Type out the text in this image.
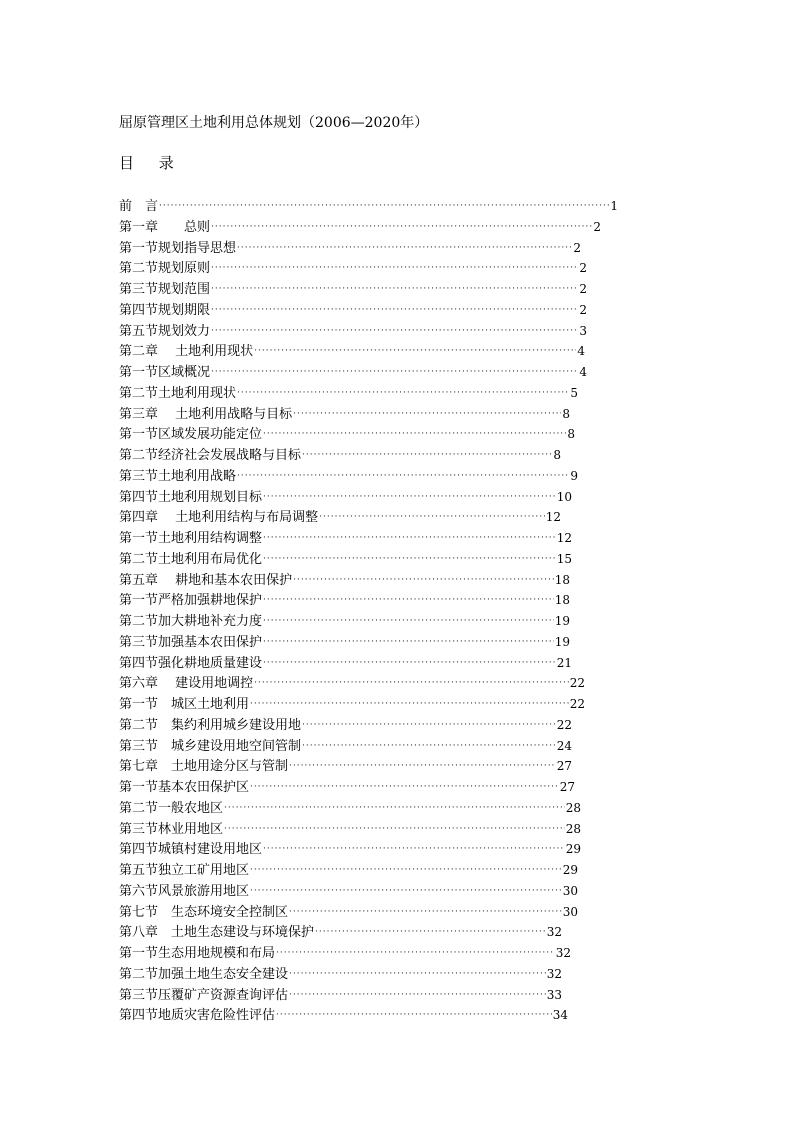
屈原管理区土地利用总体规划（2006—2020年）
目 录
前　言 ·····	1
第一章　　总则 ·····	2
第一节规划指导思想 ·····	2
第二节规划原则 ·····	2
第三节规划范围 ·····	2
第四节规划期限 ·····	2
第五节规划效力 ·····	3
第二章　 土地利用现状 ·····	4
第一节区域概况 ·····	4
第二节土地利用现状 ·····	5
第三章　 土地利用战略与目标 ·····	8
第一节区域发展功能定位 ·····	8
第二节经济社会发展战略与目标 ·····	8
第三节土地利用战略 ·····	9
第四节土地利用规划目标 ·····	10
第四章　 土地利用结构与布局调整 ·····	12
第一节土地利用结构调整 ·····	12
第二节土地利用布局优化 ·····	15
第五章　 耕地和基本农田保护 ·····	18
第一节严格加强耕地保护 ·····	18
第二节加大耕地补充力度 ·····	19
第三节加强基本农田保护 ·····	19
第四节强化耕地质量建设 ·····	21
第六章　 建设用地调控 ·····	22
第一节　城区土地利用 ·····	22
第二节　集约利用城乡建设用地 ·····	22
第三节　城乡建设用地空间管制 ·····	24
第七章　土地用途分区与管制 ·····	27
第一节基本农田保护区 ·····	27
第二节一般农地区 ·····	28
第三节林业用地区 ·····	28
第四节城镇村建设用地区 ·····	29
第五节独立工矿用地区 ·····	29
第六节风景旅游用地区 ·····	30
第七节　生态环境安全控制区 ·····	30
第八章　土地生态建设与环境保护 ·····	32
第一节生态用地规模和布局 ·····	32
第二节加强土地生态安全建设 ·····	32
第三节压覆矿产资源查询评估 ·····	33
第四节地质灾害危险性评估 ·····	34
